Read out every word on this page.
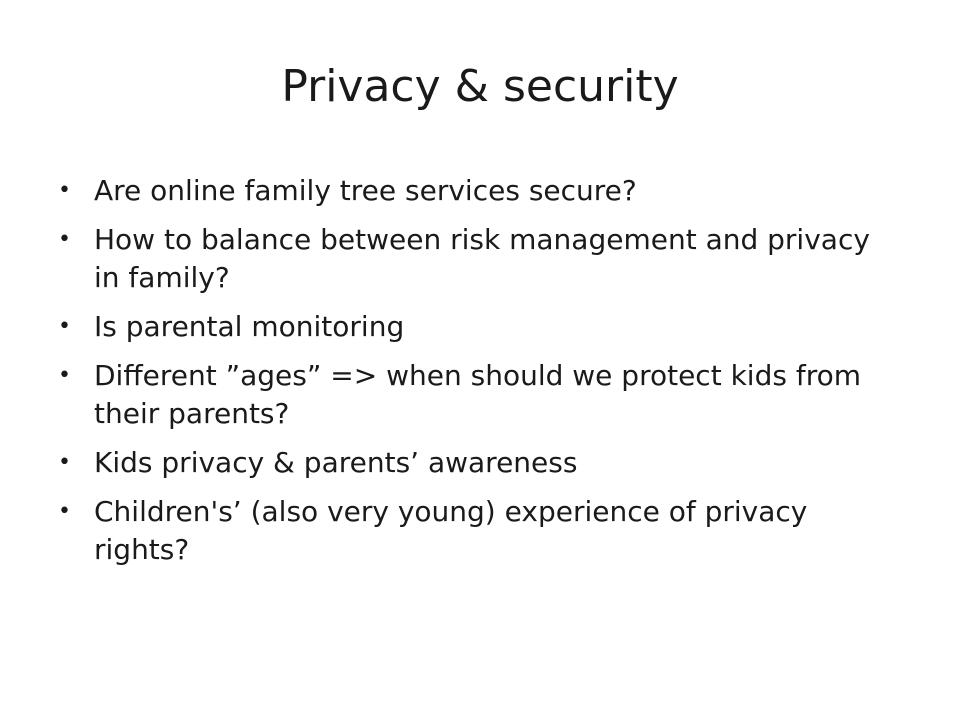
Privacy & security
• Are online family tree services secure?
• How to balance between risk management and privacy in family?
• Is parental monitoring
• Different ”ages” => when should we protect kids from their parents?
• Kids privacy & parents’ awareness
• Children's’ (also very young) experience of privacy rights?
